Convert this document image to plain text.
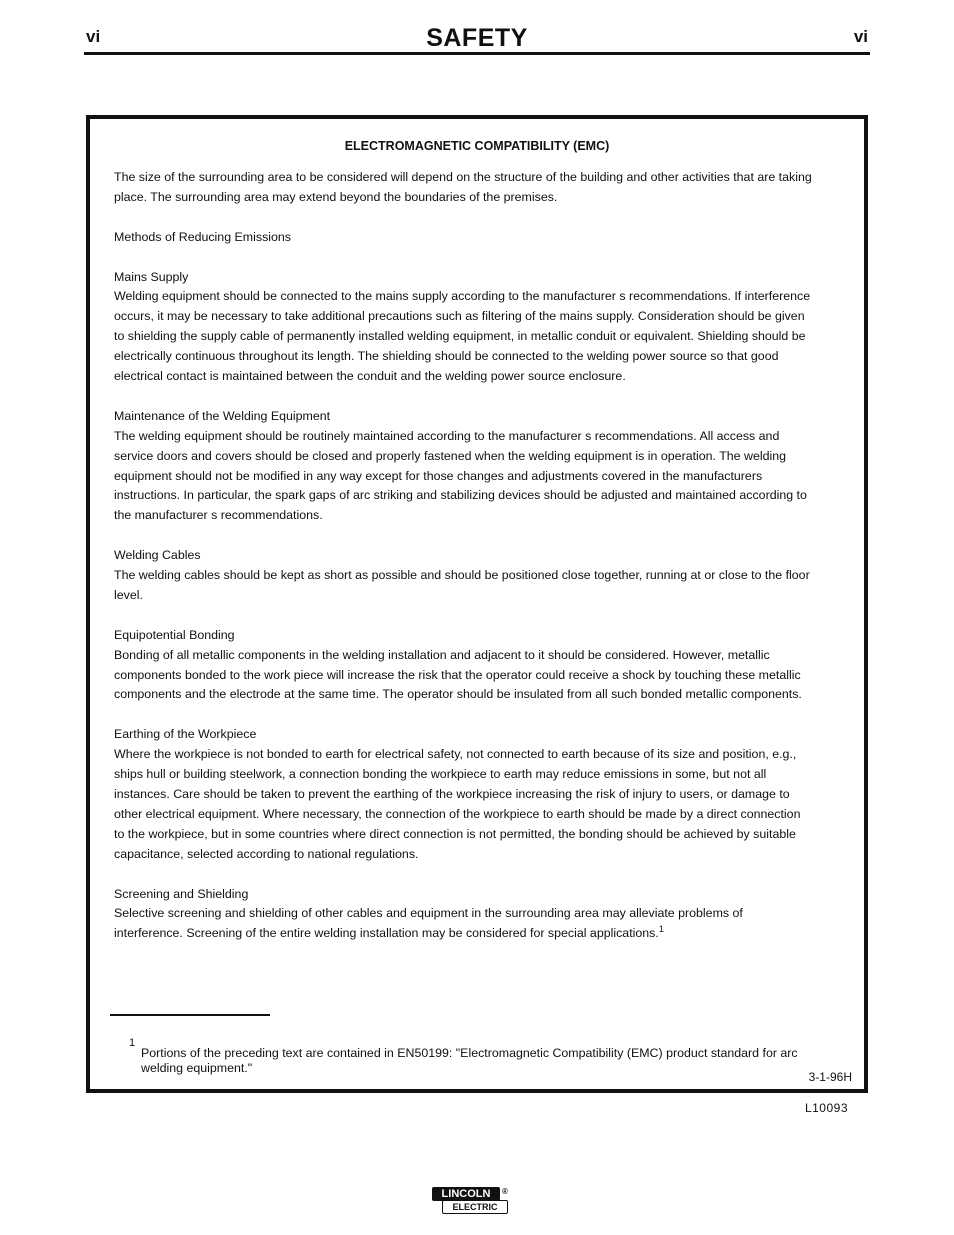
vi	SAFETY	vi
ELECTROMAGNETIC COMPATIBILITY (EMC)

The size of the surrounding area to be considered will depend on the structure of the building and other activities that are taking place. The surrounding area may extend beyond the boundaries of the premises.

Methods of Reducing Emissions

Mains Supply

Welding equipment should be connected to the mains supply according to the manufacturer s recommendations. If interference occurs, it may be necessary to take additional precautions such as filtering of the mains supply. Consideration should be given to shielding the supply cable of permanently installed welding equipment, in metallic conduit or equivalent. Shielding should be electrically continuous throughout its length. The shielding should be connected to the welding power source so that good electrical contact is maintained between the conduit and the welding power source enclosure.

Maintenance of the Welding Equipment

The welding equipment should be routinely maintained according to the manufacturer s recommendations. All access and service doors and covers should be closed and properly fastened when the welding equipment is in operation. The welding equipment should not be modified in any way except for those changes and adjustments covered in the manufacturers instructions. In particular, the spark gaps of arc striking and stabilizing devices should be adjusted and maintained according to the manufacturer s recommendations.

Welding Cables

The welding cables should be kept as short as possible and should be positioned close together, running at or close to the floor level.

Equipotential Bonding

Bonding of all metallic components in the welding installation and adjacent to it should be considered. However, metallic components bonded to the work piece will increase the risk that the operator could receive a shock by touching these metallic components and the electrode at the same time. The operator should be insulated from all such bonded metallic components.

Earthing of the Workpiece

Where the workpiece is not bonded to earth for electrical safety, not connected to earth because of its size and position, e.g., ships hull or building steelwork, a connection bonding the workpiece to earth may reduce emissions in some, but not all instances. Care should be taken to prevent the earthing of the workpiece increasing the risk of injury to users, or damage to other electrical equipment. Where necessary, the connection of the workpiece to earth should be made by a direct connection to the workpiece, but in some countries where direct connection is not permitted, the bonding should be achieved by suitable capacitance, selected according to national regulations.

Screening and Shielding

Selective screening and shielding of other cables and equipment in the surrounding area may alleviate problems of interference. Screening of the entire welding installation may be considered for special applications.$^1$

1
Portions of the preceding text are contained in EN50199: "Electromagnetic Compatibility (EMC) product standard for arc welding equipment."
3-1-96H
L10093
LINCOLN	®
ELECTRIC
